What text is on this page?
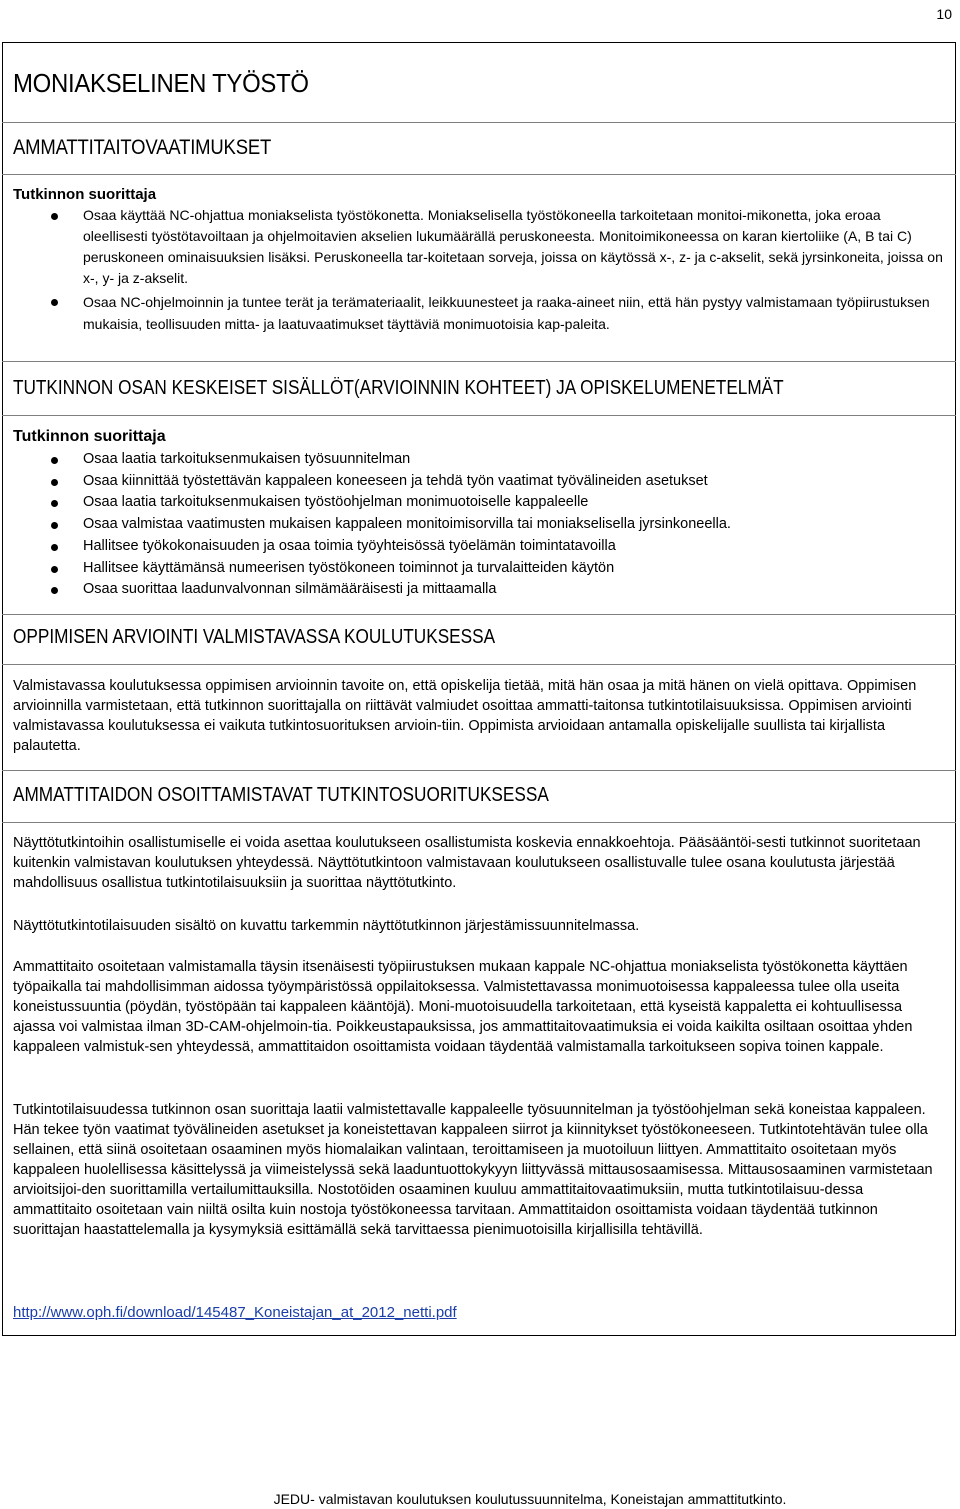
10
MONIAKSELINEN TYÖSTÖ
AMMATTITAITOVAATIMUKSET
Tutkinnon suorittaja
Osaa käyttää NC-ohjattua moniakselista työstökonetta. Moniakselisella työstökoneella tarkoitetaan monitoi-mikonetta, joka eroaa oleellisesti työstötavoiltaan ja ohjelmoitavien akselien lukumäärällä peruskoneesta. Monitoimikoneessa on karan kiertoliike (A, B tai C) peruskoneen ominaisuuksien lisäksi. Peruskoneella tar-koitetaan sorveja, joissa on käytössä x-, z- ja c-akselit, sekä jyrsinkoneita, joissa on x-, y- ja z-akselit.
Osaa NC-ohjelmoinnin ja tuntee terät ja terämateriaalit, leikkuunesteet ja raaka-aineet niin, että hän pystyy valmistamaan työpiirustuksen mukaisia, teollisuuden mitta- ja laatuvaatimukset täyttäviä monimuotoisia kap-paleita.
TUTKINNON OSAN KESKEISET SISÄLLÖT(ARVIOINNIN KOHTEET) JA OPISKELUMENETELMÄT
Tutkinnon suorittaja
Osaa laatia tarkoituksenmukaisen työsuunnitelman
Osaa kiinnittää työstettävän kappaleen koneeseen ja tehdä työn vaatimat työvälineiden asetukset
Osaa laatia tarkoituksenmukaisen työstöohjelman monimuotoiselle kappaleelle
Osaa valmistaa vaatimusten mukaisen kappaleen monitoimisorvilla tai moniakselisella jyrsinkoneella.
Hallitsee työkokonaisuuden ja osaa toimia työyhteisössä työelämän toimintatavoilla
Hallitsee käyttämänsä numeerisen työstökoneen toiminnot ja turvalaitteiden käytön
Osaa suorittaa laadunvalvonnan silmämääräisesti ja mittaamalla
OPPIMISEN ARVIOINTI VALMISTAVASSA KOULUTUKSESSA

Valmistavassa koulutuksessa oppimisen arvioinnin tavoite on, että opiskelija tietää, mitä hän osaa ja mitä hänen on vielä opittava. Oppimisen arvioinnilla varmistetaan, että tutkinnon suorittajalla on riittävät valmiudet osoittaa ammatti-taitonsa tutkintotilaisuuksissa. Oppimisen arviointi valmistavassa koulutuksessa ei vaikuta tutkintosuorituksen arvioin-tiin. Oppimista arvioidaan antamalla opiskelijalle suullista tai kirjallista palautetta.

AMMATTITAIDON OSOITTAMISTAVAT TUTKINTOSUORITUKSESSA

Näyttötutkintoihin osallistumiselle ei voida asettaa koulutukseen osallistumista koskevia ennakkoehtoja. Pääsääntöi-sesti tutkinnot suoritetaan kuitenkin valmistavan koulutuksen yhteydessä. Näyttötutkintoon valmistavaan koulutukseen osallistuvalle tulee osana koulutusta järjestää mahdollisuus osallistua tutkintotilaisuuksiin ja suorittaa näyttötutkinto.

Näyttötutkintotilaisuuden sisältö on kuvattu tarkemmin näyttötutkinnon järjestämissuunnitelmassa.

Ammattitaito osoitetaan valmistamalla täysin itsenäisesti työpiirustuksen mukaan kappale NC-ohjattua moniakselista työstökonetta käyttäen työpaikalla tai mahdollisimman aidossa työympäristössä oppilaitoksessa. Valmistettavassa monimuotoisessa kappaleessa tulee olla useita koneistussuuntia (pöydän, työstöpään tai kappaleen kääntöjä). Moni-muotoisuudella tarkoitetaan, että kyseistä kappaletta ei kohtuullisessa ajassa voi valmistaa ilman 3D-CAM-ohjelmoin-tia. Poikkeustapauksissa, jos ammattitaitovaatimuksia ei voida kaikilta osiltaan osoittaa yhden kappaleen valmistuk-sen yhteydessä, ammattitaidon osoittamista voidaan täydentää valmistamalla tarkoitukseen sopiva toinen kappale.

Tutkintotilaisuudessa tutkinnon osan suorittaja laatii valmistettavalle kappaleelle työsuunnitelman ja työstöohjelman sekä koneistaa kappaleen. Hän tekee työn vaatimat työvälineiden asetukset ja koneistettavan kappaleen siirrot ja kiinnitykset työstökoneeseen. Tutkintotehtävän tulee olla sellainen, että siinä osoitetaan osaaminen myös hiomalaikan valintaan, teroittamiseen ja muotoiluun liittyen. Ammattitaito osoitetaan myös kappaleen huolellisessa käsittelyssä ja viimeistelyssä sekä laaduntuottokykyyn liittyvässä mittausosaamisessa. Mittausosaaminen varmistetaan arvioitsijoi-den suorittamilla vertailumittauksilla. Nostotöiden osaaminen kuuluu ammattitaitovaatimuksiin, mutta tutkintotilaisuu-dessa ammattitaito osoitetaan vain niiltä osilta kuin nostoja työstökoneessa tarvitaan. Ammattitaidon osoittamista voidaan täydentää tutkinnon suorittajan haastattelemalla ja kysymyksiä esittämällä sekä tarvittaessa pienimuotoisilla kirjallisilla tehtävillä.

http://www.oph.fi/download/145487_Koneistajan_at_2012_netti.pdf
JEDU- valmistavan koulutuksen koulutussuunnitelma, Koneistajan ammattitutkinto.
